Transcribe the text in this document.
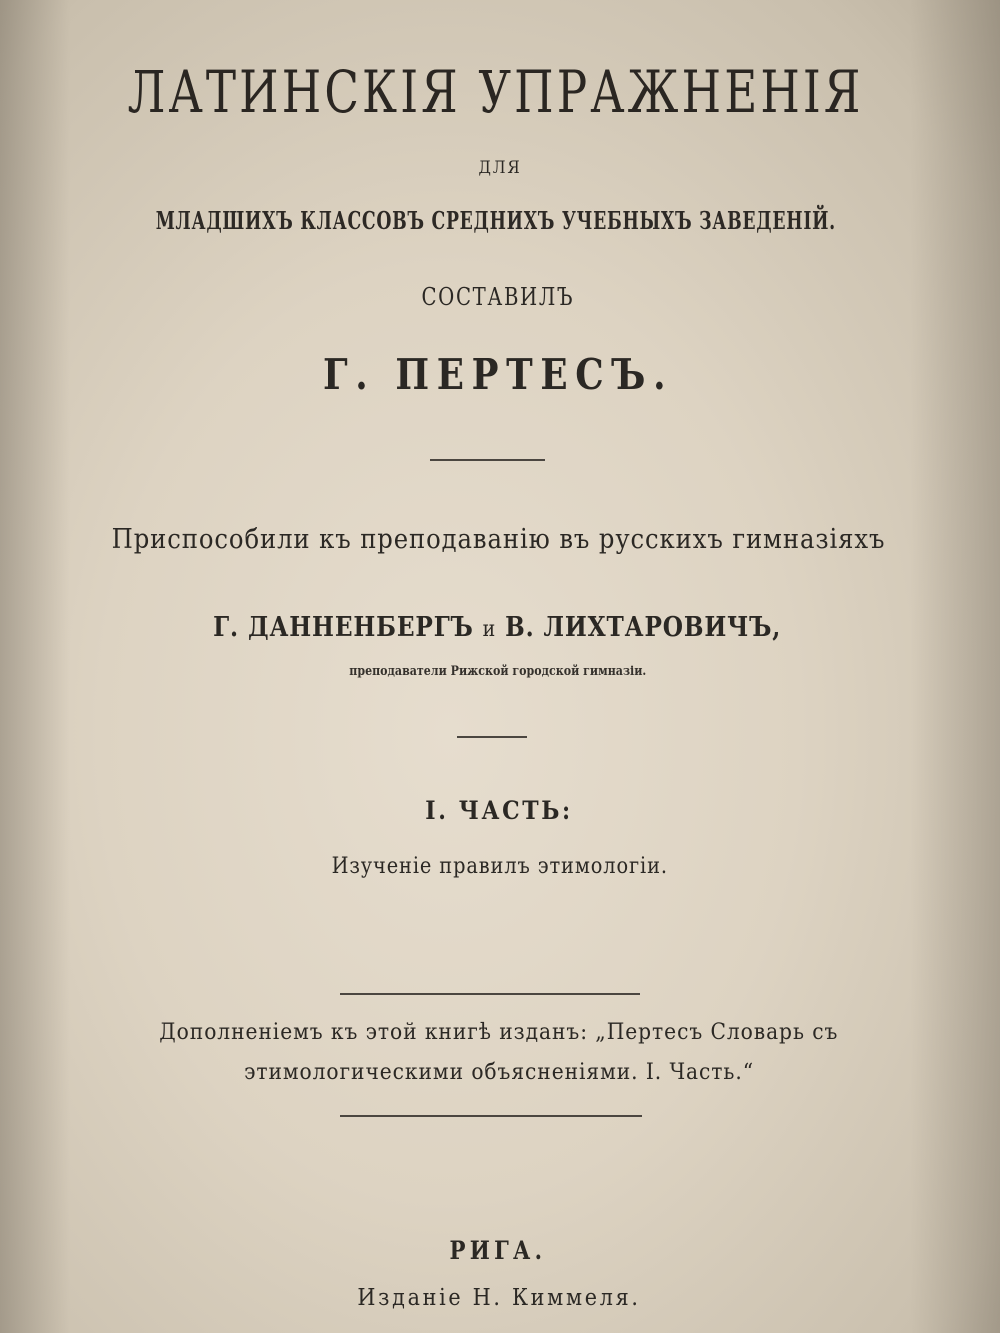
ЛАТИНСКІЯ УПРАЖНЕНІЯ
ДЛЯ
МЛАДШИХЪ КЛАССОВЪ СРЕДНИХЪ УЧЕБНЫХЪ ЗАВЕДЕНІЙ.
СОСТАВИЛЪ
Г. ПЕРТЕСЪ.
Приспособили къ преподаванію въ русскихъ гимназіяхъ
Г. ДАННЕНБЕРГЪ и В. ЛИХТАРОВИЧЪ,
преподаватели Рижской городской гимназіи.
I. ЧАСТЬ:
Изученіе правилъ этимологіи.
Дополненіемъ къ этой книгѣ изданъ: „Пертесъ Словарь съ
этимологическими объясненіями. I. Часть.“
РИГА.
Изданіе Н. Киммеля.
